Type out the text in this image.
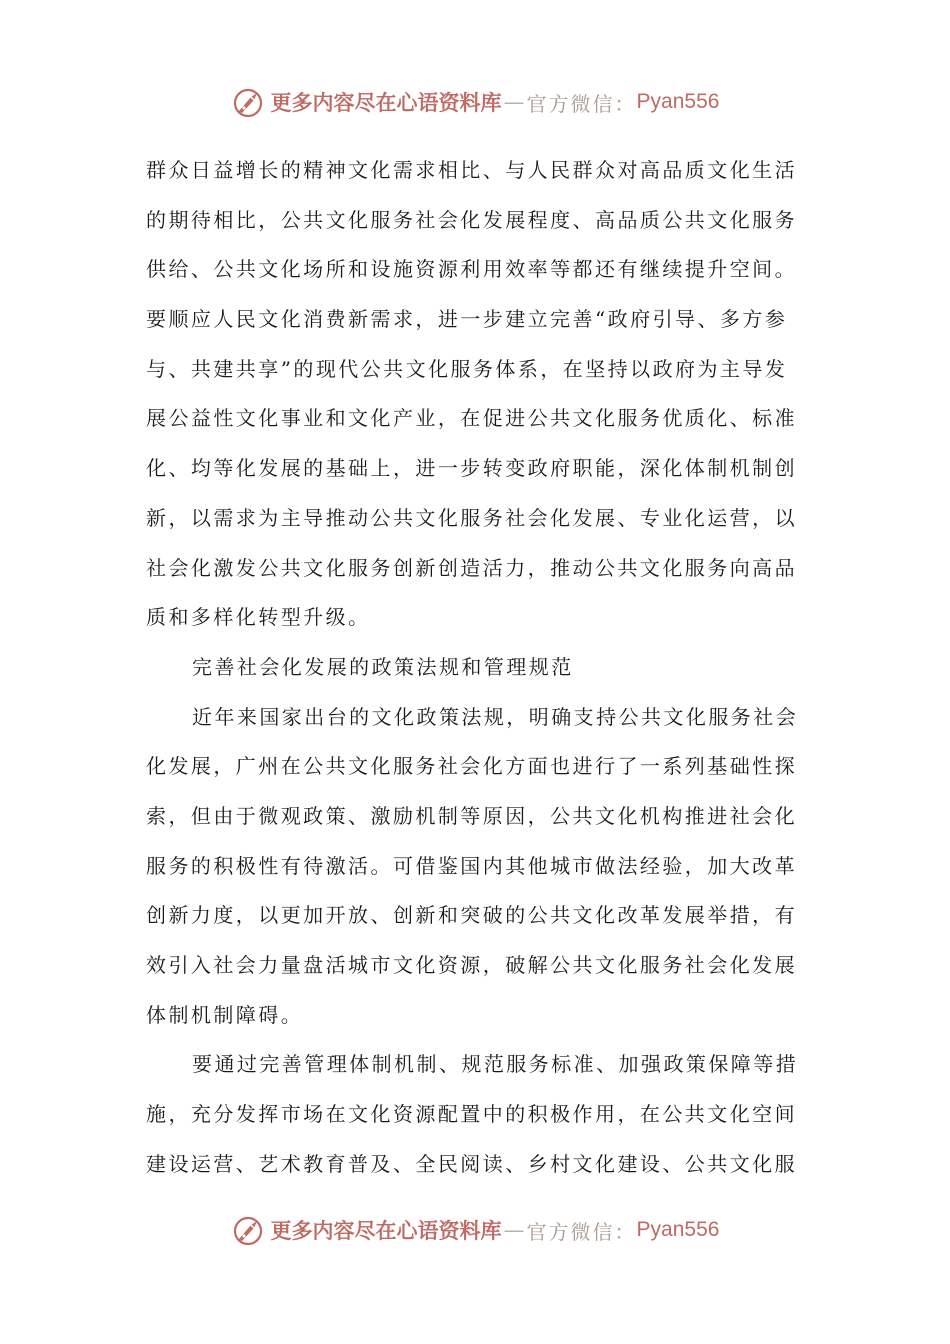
更多内容尽在心语资料库 — 官方微信： Pyan556
群众日益增长的精神文化需求相比、与人民群众对高品质文化生活
的期待相比，公共文化服务社会化发展程度、高品质公共文化服务
供给、公共文化场所和设施资源利用效率等都还有继续提升空间。
要顺应人民文化消费新需求，进一步建立完善“政府引导、多方参
与、共建共享”的现代公共文化服务体系，在坚持以政府为主导发
展公益性文化事业和文化产业，在促进公共文化服务优质化、标准
化、均等化发展的基础上，进一步转变政府职能，深化体制机制创
新，以需求为主导推动公共文化服务社会化发展、专业化运营，以
社会化激发公共文化服务创新创造活力，推动公共文化服务向高品
质和多样化转型升级。
完善社会化发展的政策法规和管理规范
近年来国家出台的文化政策法规，明确支持公共文化服务社会
化发展，广州在公共文化服务社会化方面也进行了一系列基础性探
索，但由于微观政策、激励机制等原因，公共文化机构推进社会化
服务的积极性有待激活。可借鉴国内其他城市做法经验，加大改革
创新力度，以更加开放、创新和突破的公共文化改革发展举措，有
效引入社会力量盘活城市文化资源，破解公共文化服务社会化发展
体制机制障碍。
要通过完善管理体制机制、规范服务标准、加强政策保障等措
施，充分发挥市场在文化资源配置中的积极作用，在公共文化空间
建设运营、艺术教育普及、全民阅读、乡村文化建设、公共文化服
更多内容尽在心语资料库 — 官方微信： Pyan556
